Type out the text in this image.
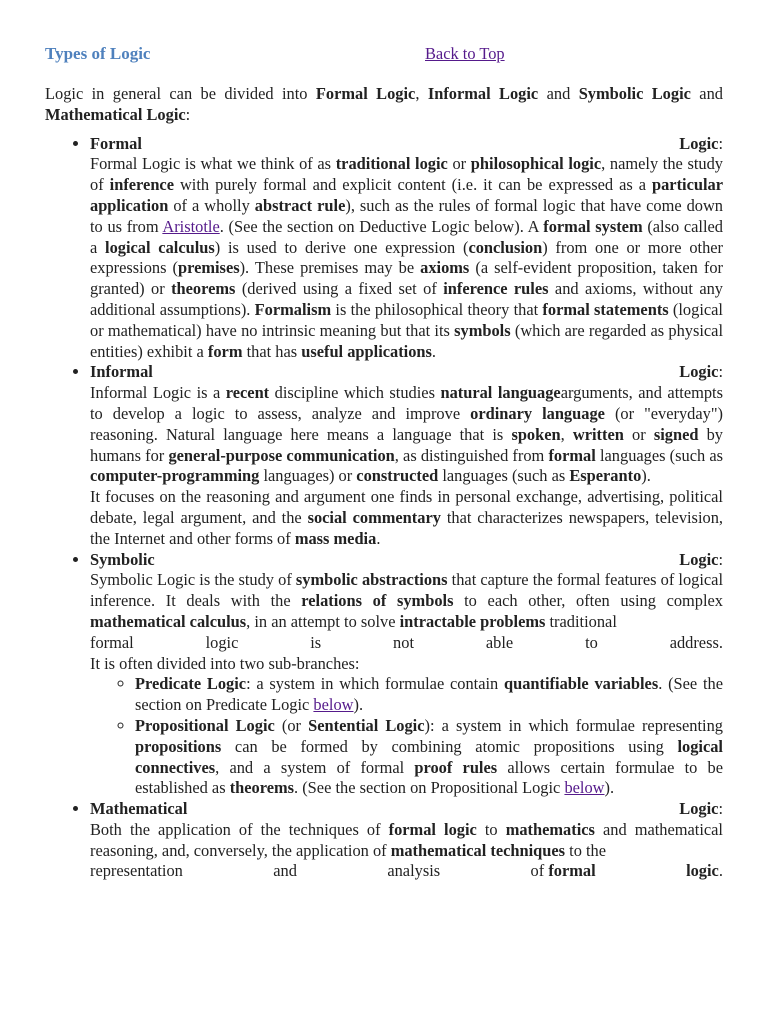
Types of Logic	Back to Top

Logic in general can be divided into Formal Logic, Informal Logic and Symbolic Logic and Mathematical Logic:

• Formal	Logic:
Formal Logic is what we think of as traditional logic or philosophical logic, namely the study of inference with purely formal and explicit content (i.e. it can be expressed as a particular application of a wholly abstract rule), such as the rules of formal logic that have come down to us from Aristotle. (See the section on Deductive Logic below). A formal system (also called a logical calculus) is used to derive one expression (conclusion) from one or more other expressions (premises). These premises may be axioms (a self-evident proposition, taken for granted) or theorems (derived using a fixed set of inference rules and axioms, without any additional assumptions). Formalism is the philosophical theory that formal statements (logical or mathematical) have no intrinsic meaning but that its symbols (which are regarded as physical entities) exhibit a form that has useful applications.
• Informal	Logic:
Informal Logic is a recent discipline which studies natural languagearguments, and attempts to develop a logic to assess, analyze and improve ordinary language (or "everyday") reasoning. Natural language here means a language that is spoken, written or signed by humans for general-purpose communication, as distinguished from formal languages (such as computer-programming languages) or constructed languages (such as Esperanto).
It focuses on the reasoning and argument one finds in personal exchange, advertising, political debate, legal argument, and the social commentary that characterizes newspapers, television, the Internet and other forms of mass media.
• Symbolic	Logic:
Symbolic Logic is the study of symbolic abstractions that capture the formal features of logical inference. It deals with the relations of symbols to each other, often using complex mathematical calculus, in an attempt to solve intractable problems traditional
formal	logic	is	not	able	to	address.
It is often divided into two sub-branches:
◦ Predicate Logic: a system in which formulae contain quantifiable variables. (See the section on Predicate Logic below).
◦ Propositional Logic (or Sentential Logic): a system in which formulae representing propositions can be formed by combining atomic propositions using logical connectives, and a system of formal proof rules allows certain formulae to be established as theorems. (See the section on Propositional Logic below).
• Mathematical	Logic:
Both the application of the techniques of formal logic to mathematics and mathematical reasoning, and, conversely, the application of mathematical techniques to the
representation	and	analysis	of formal	logic.
